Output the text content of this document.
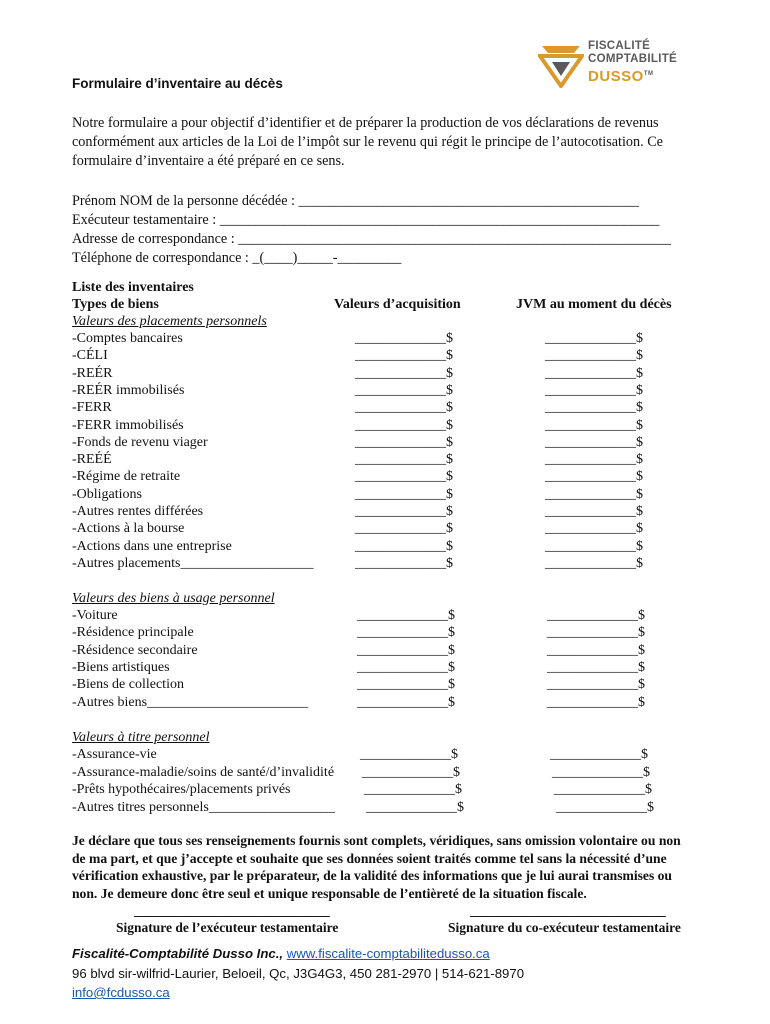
FISCALITÉ
COMPTABILITÉ
DUSSO™
Formulaire d’inventaire au décès
Notre formulaire a pour objectif d’identifier et de préparer la production de vos déclarations de revenus conformément aux articles de la Loi de l’impôt sur le revenu qui régit le principe de l’autocotisation. Ce formulaire d’inventaire a été préparé en ce sens.
Prénom NOM de la personne décédée : ________________________________________________
Exécuteur testamentaire : ______________________________________________________________
Adresse de correspondance : _____________________________________________________________
Téléphone de correspondance : _(____)_____-_________
Liste des inventaires
Types de biens	Valeurs d’acquisition	JVM au moment du décès
Valeurs des placements personnels
-Comptes bancaires	_____________$	_____________$
-CÉLI	_____________$	_____________$
-REÉR	_____________$	_____________$
-REÉR immobilisés	_____________$	_____________$
-FERR	_____________$	_____________$
-FERR immobilisés	_____________$	_____________$
-Fonds de revenu viager	_____________$	_____________$
-REÉÉ	_____________$	_____________$
-Régime de retraite	_____________$	_____________$
-Obligations	_____________$	_____________$
-Autres rentes différées	_____________$	_____________$
-Actions à la bourse	_____________$	_____________$
-Actions dans une entreprise	_____________$	_____________$
-Autres placements___________________	_____________$	_____________$
Valeurs des biens à usage personnel
-Voiture	_____________$	_____________$
-Résidence principale	_____________$	_____________$
-Résidence secondaire	_____________$	_____________$
-Biens artistiques	_____________$	_____________$
-Biens de collection	_____________$	_____________$
-Autres biens_______________________	_____________$	_____________$
Valeurs à titre personnel
-Assurance-vie	_____________$	_____________$
-Assurance-maladie/soins de santé/d’invalidité _____________$	_____________$
-Prêts hypothécaires/placements privés	_____________$	_____________$
-Autres titres personnels__________________ _____________$	_____________$
Je déclare que tous ses renseignements fournis sont complets, véridiques, sans omission volontaire ou non de ma part, et que j’accepte et souhaite que ses données soient traités comme tel sans la nécessité d’une vérification exhaustive, par le préparateur, de la validité des informations que je lui aurai transmises ou non. Je demeure donc être seul et unique responsable de l’entièreté de la situation fiscale.
_____________________________	_____________________________
Signature de l’exécuteur testamentaire	Signature du co-exécuteur testamentaire
Fiscalité-Comptabilité Dusso Inc., www.fiscalite-comptabilitedusso.ca
96 blvd sir-wilfrid-Laurier, Beloeil, Qc, J3G4G3, 450 281-2970 | 514-621-8970
info@fcdusso.ca
